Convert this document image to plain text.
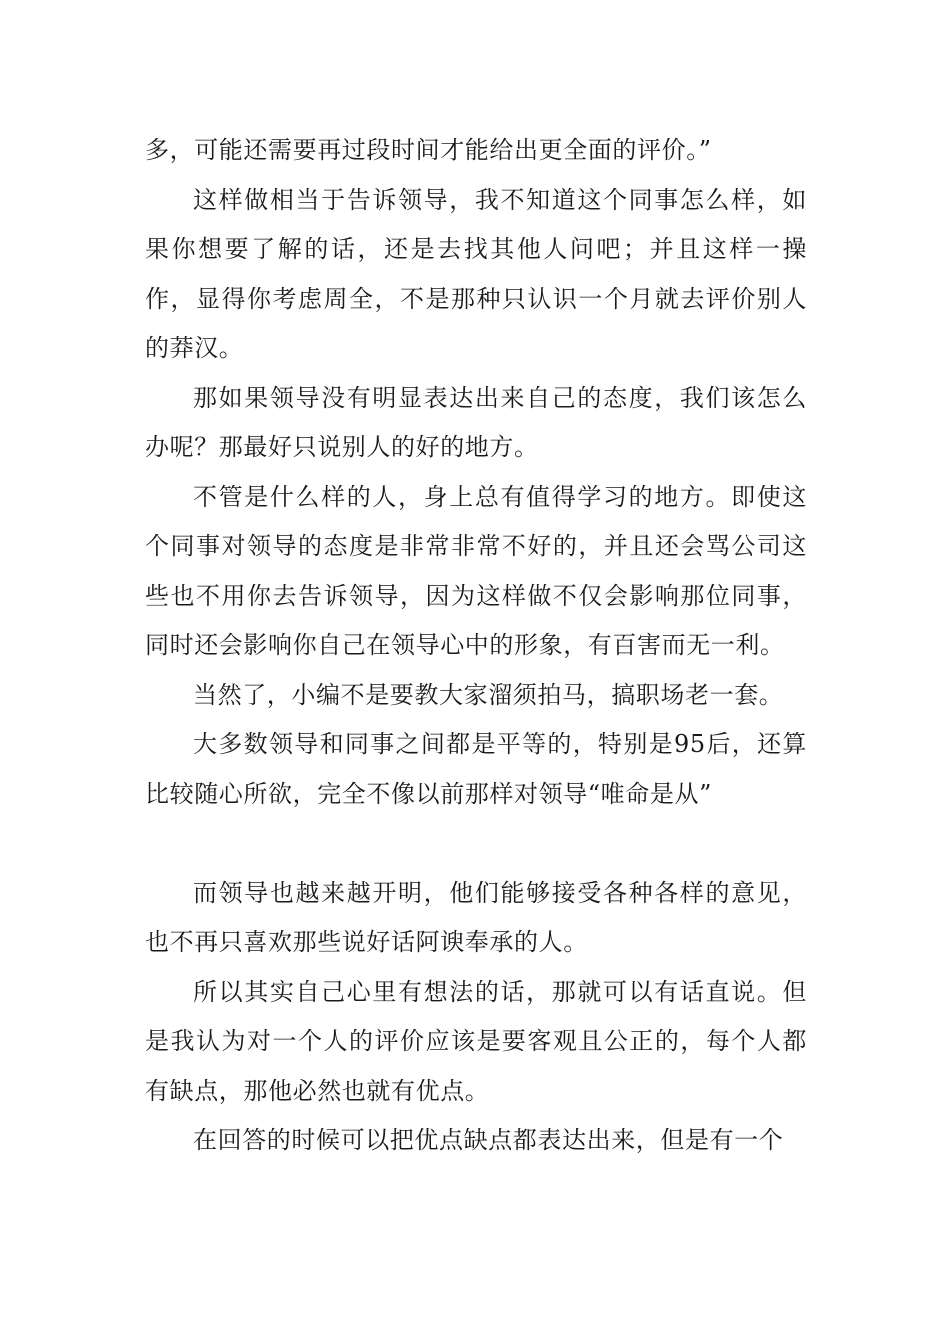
多，可能还需要再过段时间才能给出更全面的评价。”

这样做相当于告诉领导，我不知道这个同事怎么样，如果你想要了解的话，还是去找其他人问吧；并且这样一操作，显得你考虑周全，不是那种只认识一个月就去评价别人的莽汉。

那如果领导没有明显表达出来自己的态度，我们该怎么办呢？那最好只说别人的好的地方。

不管是什么样的人，身上总有值得学习的地方。即使这个同事对领导的态度是非常非常不好的，并且还会骂公司这些也不用你去告诉领导，因为这样做不仅会影响那位同事，同时还会影响你自己在领导心中的形象，有百害而无一利。

当然了，小编不是要教大家溜须拍马，搞职场老一套。

大多数领导和同事之间都是平等的，特别是95后，还算比较随心所欲，完全不像以前那样对领导“唯命是从”

而领导也越来越开明，他们能够接受各种各样的意见，也不再只喜欢那些说好话阿谀奉承的人。

所以其实自己心里有想法的话，那就可以有话直说。但是我认为对一个人的评价应该是要客观且公正的，每个人都有缺点，那他必然也就有优点。

在回答的时候可以把优点缺点都表达出来，但是有一个
